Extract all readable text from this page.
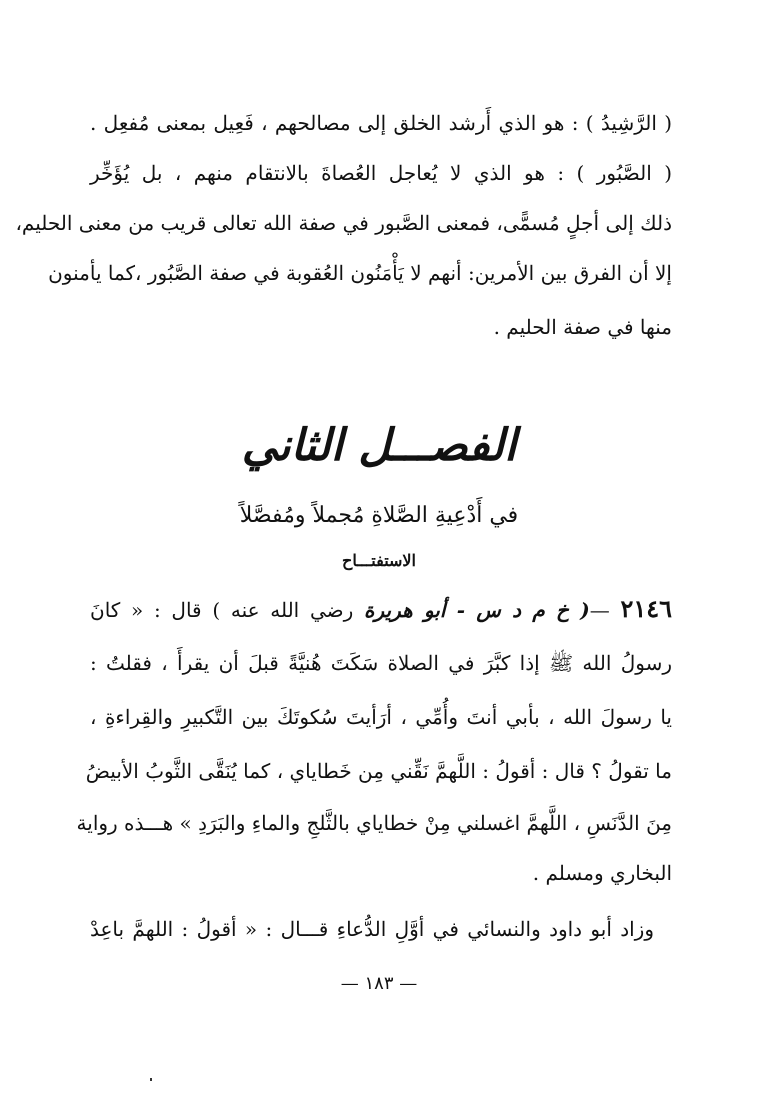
( الرَّشِيدُ ) : هو الذي أَرشد الخلق إلى مصالحهم ، فَعِيل بمعنى مُفعِل .
( الصَّبُور ) : هو الذي لا يُعاجل العُصاةَ بالانتقام منهم ، بل يُؤَخِّر
ذلك إلى أجلٍ مُسمًّى، فمعنى الصَّبور في صفة الله تعالى قريب من معنى الحليم،
إلا أن الفرق بين الأمرين: أنهم لا يَأْمَنُون العُقوبة في صفة الصَّبُور ،كما يأمنون
منها في صفة الحليم .
الفصـــل الثاني
في أَدْعِيةِ الصَّلاةِ مُجملاً ومُفصَّلاً
الاستفتـــاح
٢١٤٦ —( خ م د س - أبو هريرة رضي الله عنه ) قال : « كانَ
رسولُ الله ﷺ إذا كبَّرَ في الصلاة سَكَتَ هُنيَّةً قبلَ أن يقرأَ ، فقلتُ :
يا رسولَ الله ، بأبي أنتَ وأُمِّي ، أرَأيتَ سُكوتَكَ بين التَّكبيرِ والقِراءةِ ،
ما تقولُ ؟ قال : أقولُ : اللَّهمَّ نَقِّني مِن خَطاياي ، كما يُنَقَّى الثَّوبُ الأبيضُ
مِنَ الدَّنَسِ ، اللَّهمَّ اغسلني مِنْ خطاياي بالثَّلجِ والماءِ والبَرَدِ » هـــذه رواية
البخاري ومسلم .
وزاد أبو داود والنسائي في أوَّلِ الدُّعاءِ قـــال : « أقولُ : اللهمَّ باعِدْ
— ١٨٣ —
